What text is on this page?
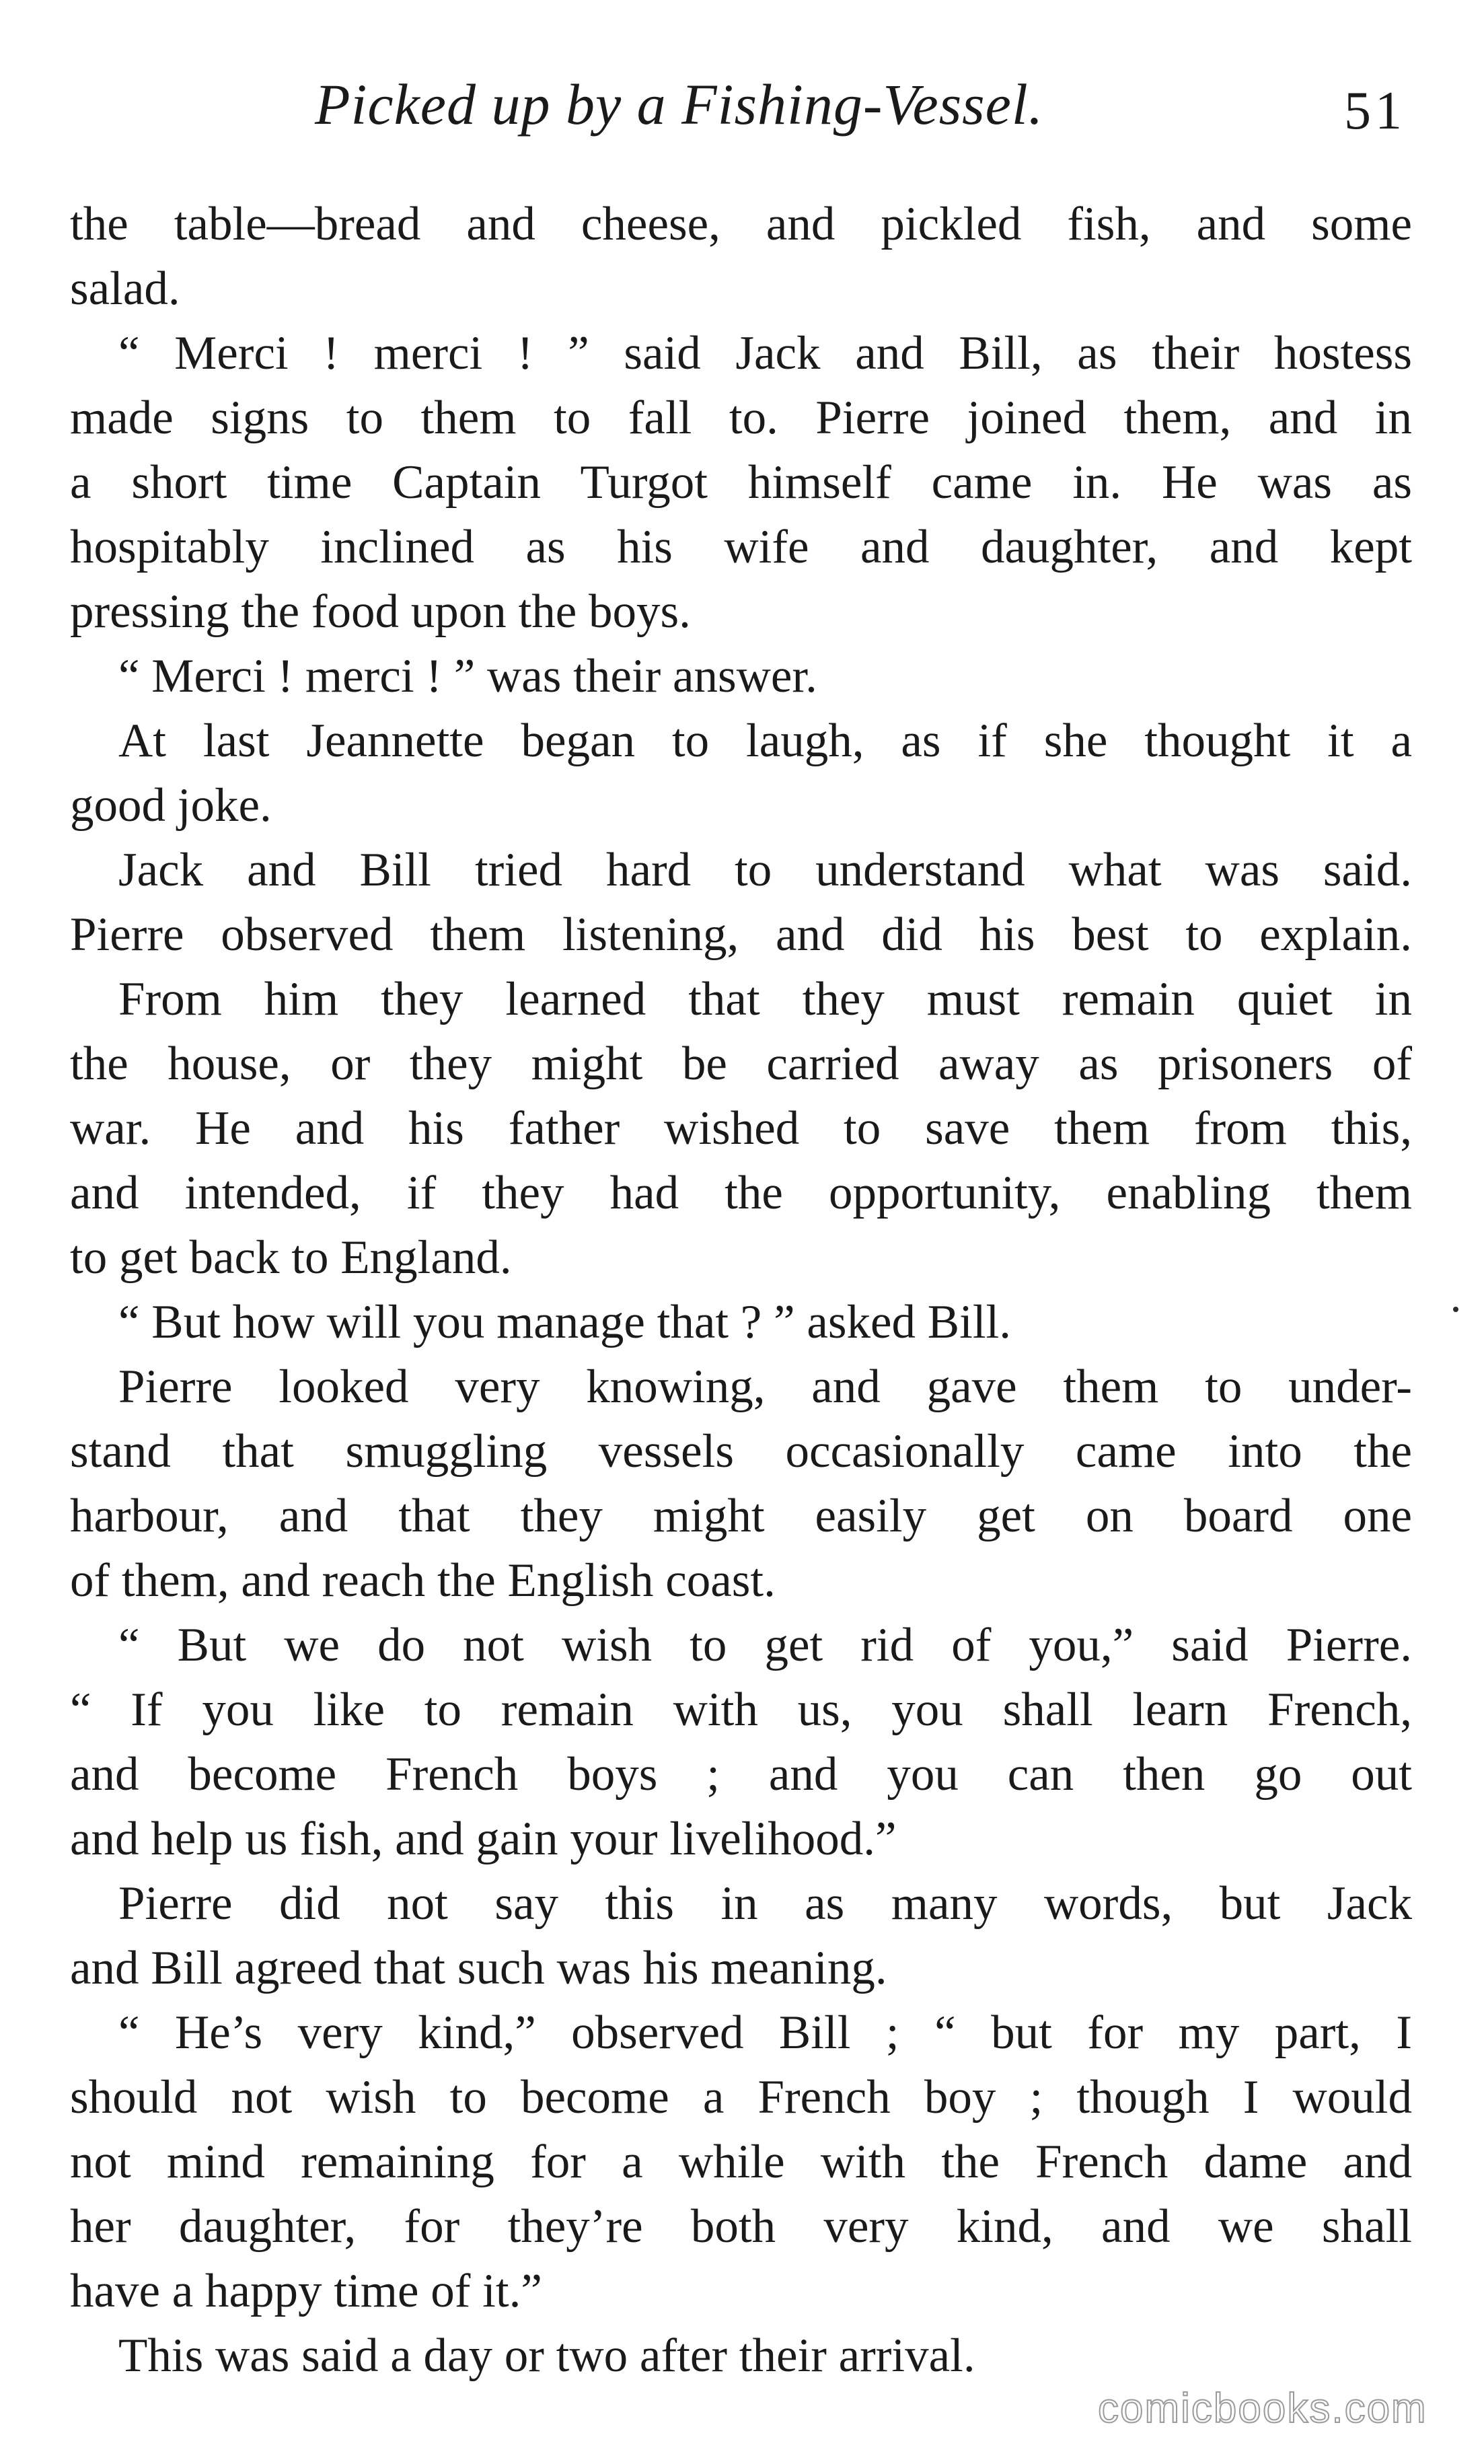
Picked up by a Fishing-Vessel.	51
the table—bread and cheese, and pickled fish, and some
salad.
“ Merci ! merci ! ” said Jack and Bill, as their hostess
made signs to them to fall to. Pierre joined them, and in
a short time Captain Turgot himself came in. He was as
hospitably inclined as his wife and daughter, and kept
pressing the food upon the boys.
“ Merci ! merci ! ” was their answer.
At last Jeannette began to laugh, as if she thought it a
good joke.
Jack and Bill tried hard to understand what was said.
Pierre observed them listening, and did his best to explain.
From him they learned that they must remain quiet in
the house, or they might be carried away as prisoners of
war. He and his father wished to save them from this,
and intended, if they had the opportunity, enabling them
to get back to England.
“ But how will you manage that ? ” asked Bill.
Pierre looked very knowing, and gave them to under-
stand that smuggling vessels occasionally came into the
harbour, and that they might easily get on board one
of them, and reach the English coast.
“ But we do not wish to get rid of you,” said Pierre.
“ If you like to remain with us, you shall learn French,
and become French boys ; and you can then go out
and help us fish, and gain your livelihood.”
Pierre did not say this in as many words, but Jack
and Bill agreed that such was his meaning.
“ He’s very kind,” observed Bill ; “ but for my part, I
should not wish to become a French boy ; though I would
not mind remaining for a while with the French dame and
her daughter, for they’re both very kind, and we shall
have a happy time of it.”
This was said a day or two after their arrival.
comicbooks.com
